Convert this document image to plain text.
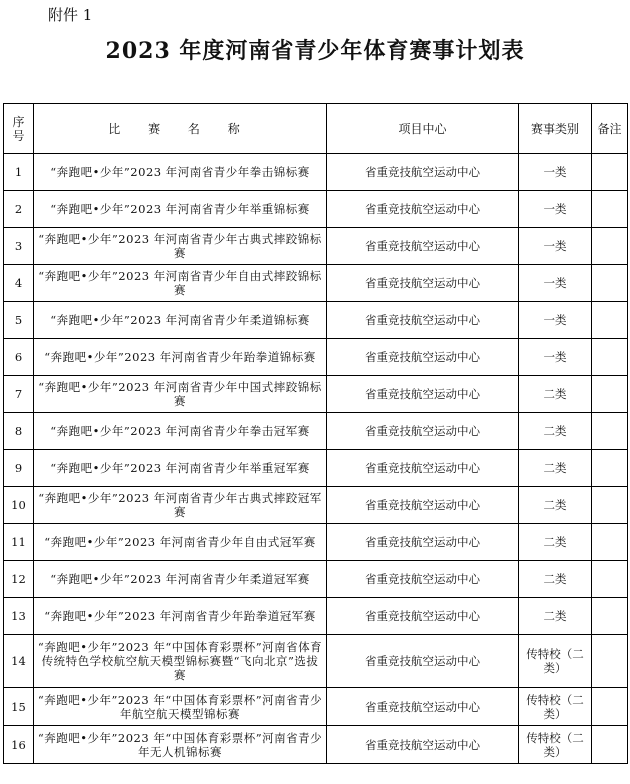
附件 1
2023 年度河南省青少年体育赛事计划表
序号	比 赛 名 称	项目中心	赛事类别	备注
1	“奔跑吧•少年”2023 年河南省青少年拳击锦标赛	省重竞技航空运动中心	一类	
2	“奔跑吧•少年”2023 年河南省青少年举重锦标赛	省重竞技航空运动中心	一类	
3	“奔跑吧•少年”2023 年河南省青少年古典式摔跤锦标赛	省重竞技航空运动中心	一类	
4	“奔跑吧•少年”2023 年河南省青少年自由式摔跤锦标赛	省重竞技航空运动中心	一类	
5	“奔跑吧•少年”2023 年河南省青少年柔道锦标赛	省重竞技航空运动中心	一类	
6	“奔跑吧•少年”2023 年河南省青少年跆拳道锦标赛	省重竞技航空运动中心	一类	
7	“奔跑吧•少年”2023 年河南省青少年中国式摔跤锦标赛	省重竞技航空运动中心	二类	
8	“奔跑吧•少年”2023 年河南省青少年拳击冠军赛	省重竞技航空运动中心	二类	
9	“奔跑吧•少年”2023 年河南省青少年举重冠军赛	省重竞技航空运动中心	二类	
10	“奔跑吧•少年”2023 年河南省青少年古典式摔跤冠军赛	省重竞技航空运动中心	二类	
11	“奔跑吧•少年”2023 年河南省青少年自由式冠军赛	省重竞技航空运动中心	二类	
12	“奔跑吧•少年”2023 年河南省青少年柔道冠军赛	省重竞技航空运动中心	二类	
13	“奔跑吧•少年”2023 年河南省青少年跆拳道冠军赛	省重竞技航空运动中心	二类	
14	“奔跑吧•少年”2023 年“中国体育彩票杯”河南省体育传统特色学校航空航天模型锦标赛暨“飞向北京”选拔赛	省重竞技航空运动中心	传特校（二类）	
15	“奔跑吧•少年”2023 年“中国体育彩票杯”河南省青少年航空航天模型锦标赛	省重竞技航空运动中心	传特校（二类）	
16	“奔跑吧•少年”2023 年“中国体育彩票杯”河南省青少年无人机锦标赛	省重竞技航空运动中心	传特校（二类）	
